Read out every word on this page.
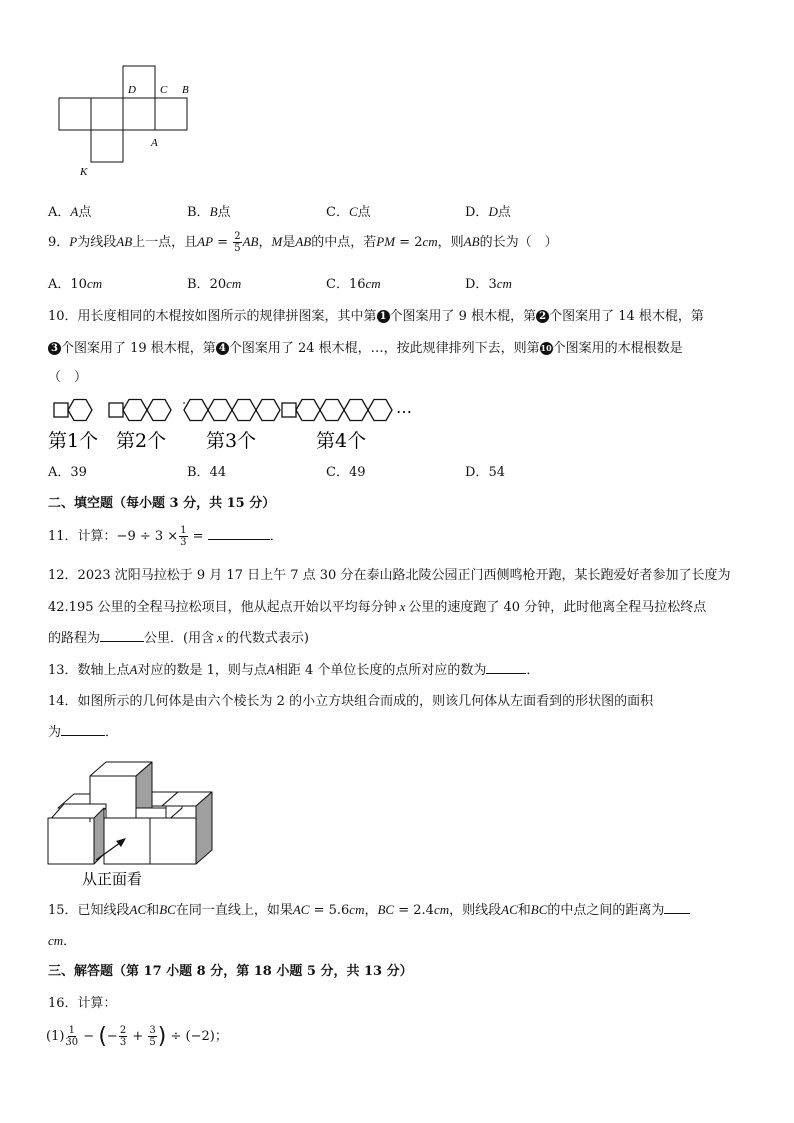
D C B
A
K
A．A点	B．B点	C．C点	D．D点
9．P为线段AB上一点，且AP = $\frac{2}{5}$ AB，M是AB的中点，若PM = 2cm，则AB的长为（　）
A．10cm	B．20cm	C．16cm	D．3cm
10．用长度相同的木棍按如图所示的规律拼图案，其中第 1 个图案用了 9 根木棍，第 2 个图案用了 14 根木棍，第
3 个图案用了 19 根木棍，第 4 个图案用了 24 根木棍，…，按此规律排列下去，则第10个图案用的木棍根数是
（　）
…
第1个 第2个 第3个	第4个
A．39	B．44	C．49	D．54
二、填空题（每小题 3 分，共 15 分）
11．计算：$-9 \div 3 \times \frac{1}{3}$ =	．
12．2023 沈阳马拉松于 9 月 17 日上午 7 点 30 分在泰山路北陵公园正门西侧鸣枪开跑，某长跑爱好者参加了长度为
42.195 公里的全程马拉松项目，他从起点开始以平均每分钟 x 公里的速度跑了 40 分钟，此时他离全程马拉松终点
的路程为	公里．(用含 x 的代数式表示)
13．数轴上点A对应的数是 1，则与点A相距 4 个单位长度的点所对应的数为	．
14．如图所示的几何体是由六个棱长为 2 的小立方块组合而成的，则该几何体从左面看到的形状图的面积
为	．
从正面看
15．已知线段AC和BC在同一直线上，如果AC = 5.6cm，BC = 2.4cm，则线段AC和BC的中点之间的距离为
cm．
三、解答题（第 17 小题 8 分，第 18 小题 5 分，共 13 分）
16．计算：
$(1) \frac{1}{30}$ − (− $\frac{2}{3} + \frac{3}{5}$ ) ÷ (−2)；
